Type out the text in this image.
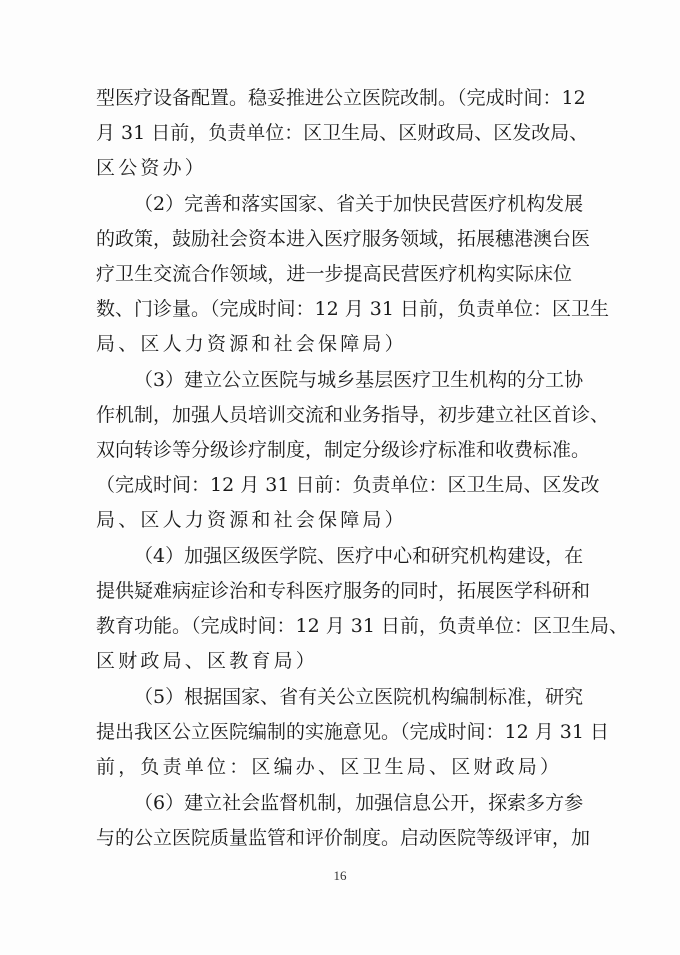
型医疗设备配置。稳妥推进公立医院改制。（完成时间：12
月 31 日前，负责单位：区卫生局、区财政局、区发改局、
区公资办）
（2）完善和落实国家、省关于加快民营医疗机构发展
的政策，鼓励社会资本进入医疗服务领域，拓展穗港澳台医
疗卫生交流合作领域，进一步提高民营医疗机构实际床位
数、门诊量。（完成时间：12 月 31 日前，负责单位：区卫生
局、区人力资源和社会保障局）
（3）建立公立医院与城乡基层医疗卫生机构的分工协
作机制，加强人员培训交流和业务指导，初步建立社区首诊、
双向转诊等分级诊疗制度，制定分级诊疗标准和收费标准。
（完成时间：12 月 31 日前：负责单位：区卫生局、区发改
局、区人力资源和社会保障局）
（4）加强区级医学院、医疗中心和研究机构建设，在
提供疑难病症诊治和专科医疗服务的同时，拓展医学科研和
教育功能。（完成时间：12 月 31 日前，负责单位：区卫生局、
区财政局、区教育局）
（5）根据国家、省有关公立医院机构编制标准，研究
提出我区公立医院编制的实施意见。（完成时间：12 月 31 日
前，负责单位：区编办、区卫生局、区财政局）
（6）建立社会监督机制，加强信息公开，探索多方参
与的公立医院质量监管和评价制度。启动医院等级评审，加
16
